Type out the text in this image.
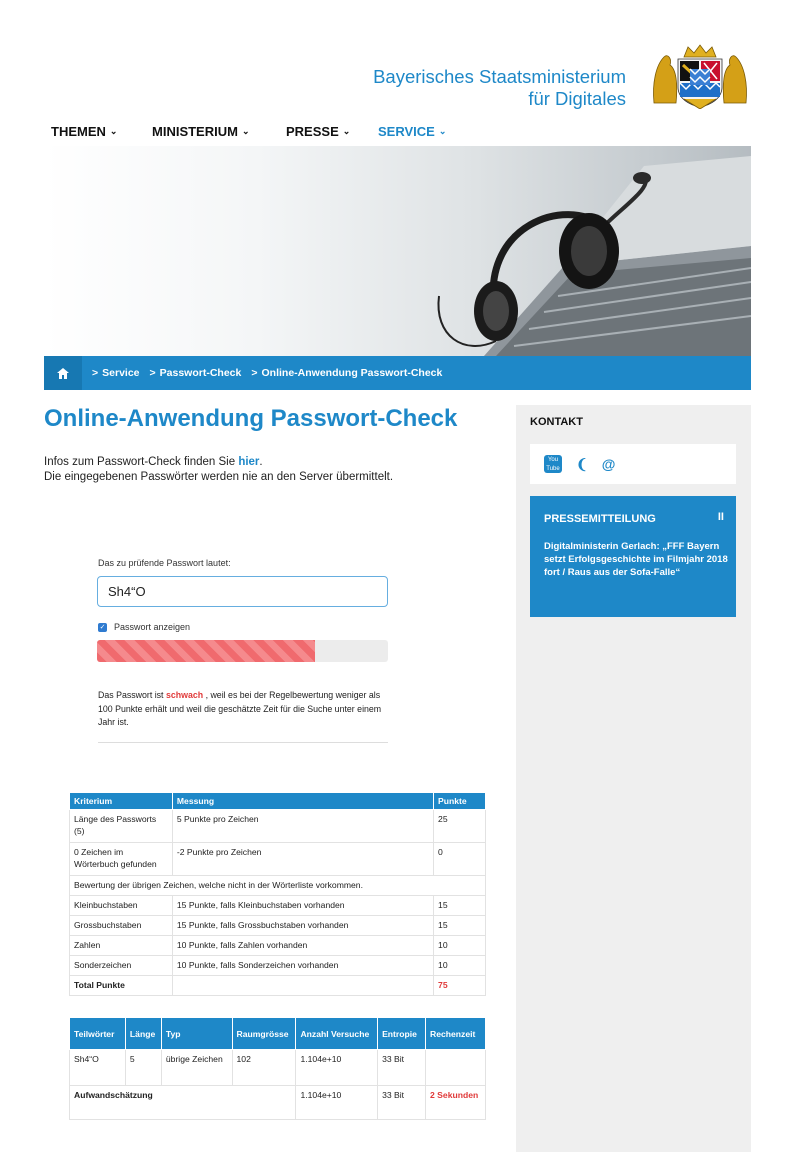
Bayerisches Staatsministerium
für Digitales
THEMEN ⌄	MINISTERIUM ⌄	PRESSE ⌄ SERVICE ⌄
> Service > Passwort-Check > Online-Anwendung Passwort-Check
Online-Anwendung Passwort-Check
Infos zum Passwort-Check finden Sie hier.
Die eingegebenen Passwörter werden nie an den Server übermittelt.
Das zu prüfende Passwort lautet:
Sh4“O
✓ Passwort anzeigen
Das Passwort ist schwach , weil es bei der Regelbewertung weniger als 100 Punkte erhält und weil die geschätzte Zeit für die Suche unter einem Jahr ist.
Kriterium	Messung	Punkte
Länge des Passworts (5)	5 Punkte pro Zeichen	25
0 Zeichen im Wörterbuch gefunden	-2 Punkte pro Zeichen	0
Bewertung der übrigen Zeichen, welche nicht in der Wörterliste vorkommen.		
Kleinbuchstaben	15 Punkte, falls Kleinbuchstaben vorhanden	15
Grossbuchstaben	15 Punkte, falls Grossbuchstaben vorhanden	15
Zahlen	10 Punkte, falls Zahlen vorhanden	10
Sonderzeichen	10 Punkte, falls Sonderzeichen vorhanden	10
Total Punkte		75
Teilwörter	Länge	Typ	Raumgrösse	Anzahl Versuche	Entropie	Rechenzeit
Sh4“O	5	übrige Zeichen	102	1.104e+10	33 Bit	
Aufwandschätzung				1.104e+10	33 Bit	2 Sekunden
KONTAKT
You
Tube ❨ @
PRESSEMITTEILUNG	II
Digitalministerin Gerlach: „FFF Bayern setzt Erfolgsgeschichte im Filmjahr 2018 fort / Raus aus der Sofa-Falle“
